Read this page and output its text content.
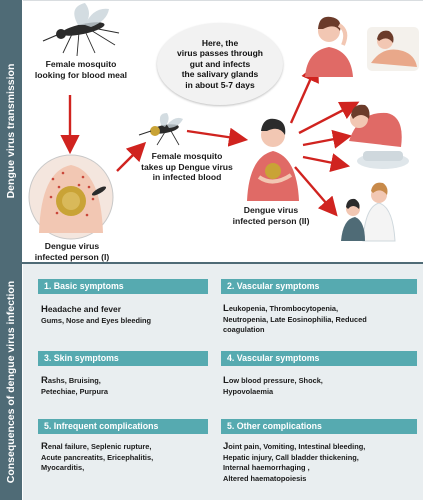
Dengue virus transmission
Consequences of dengue virus infection
Female mosquito
looking for blood meal
Here, the
virus passes through
gut and infects
the salivary glands
in about 5-7 days
Female mosquito
takes up Dengue virus
in infected blood
Dengue virus
infected person (I)
Dengue virus
infected person (II)
1. Basic symptoms

Headache and fever

Gums, Nose and Eyes bleeding

2. Vascular symptoms

Leukopenia, Thrombocytopenia,

Neutropenia, Late Eosinophilia, Reduced

coagulation

3. Skin symptoms

Rashs, Bruising,

Petechiae, Purpura

4. Vascular symptoms

Low blood pressure, Shock,

Hypovolaemia

5. Infrequent complications

Renal failure, Seplenic rupture,

Acute pancreatits, Ericephalitis,

Myocarditis,

5. Other complications

Joint pain, Vomiting, Intestinal bleeding,

Hepatic injury, Call bladder thickening,

Internal haemorrhaging ,

Altered haematopoiesis
